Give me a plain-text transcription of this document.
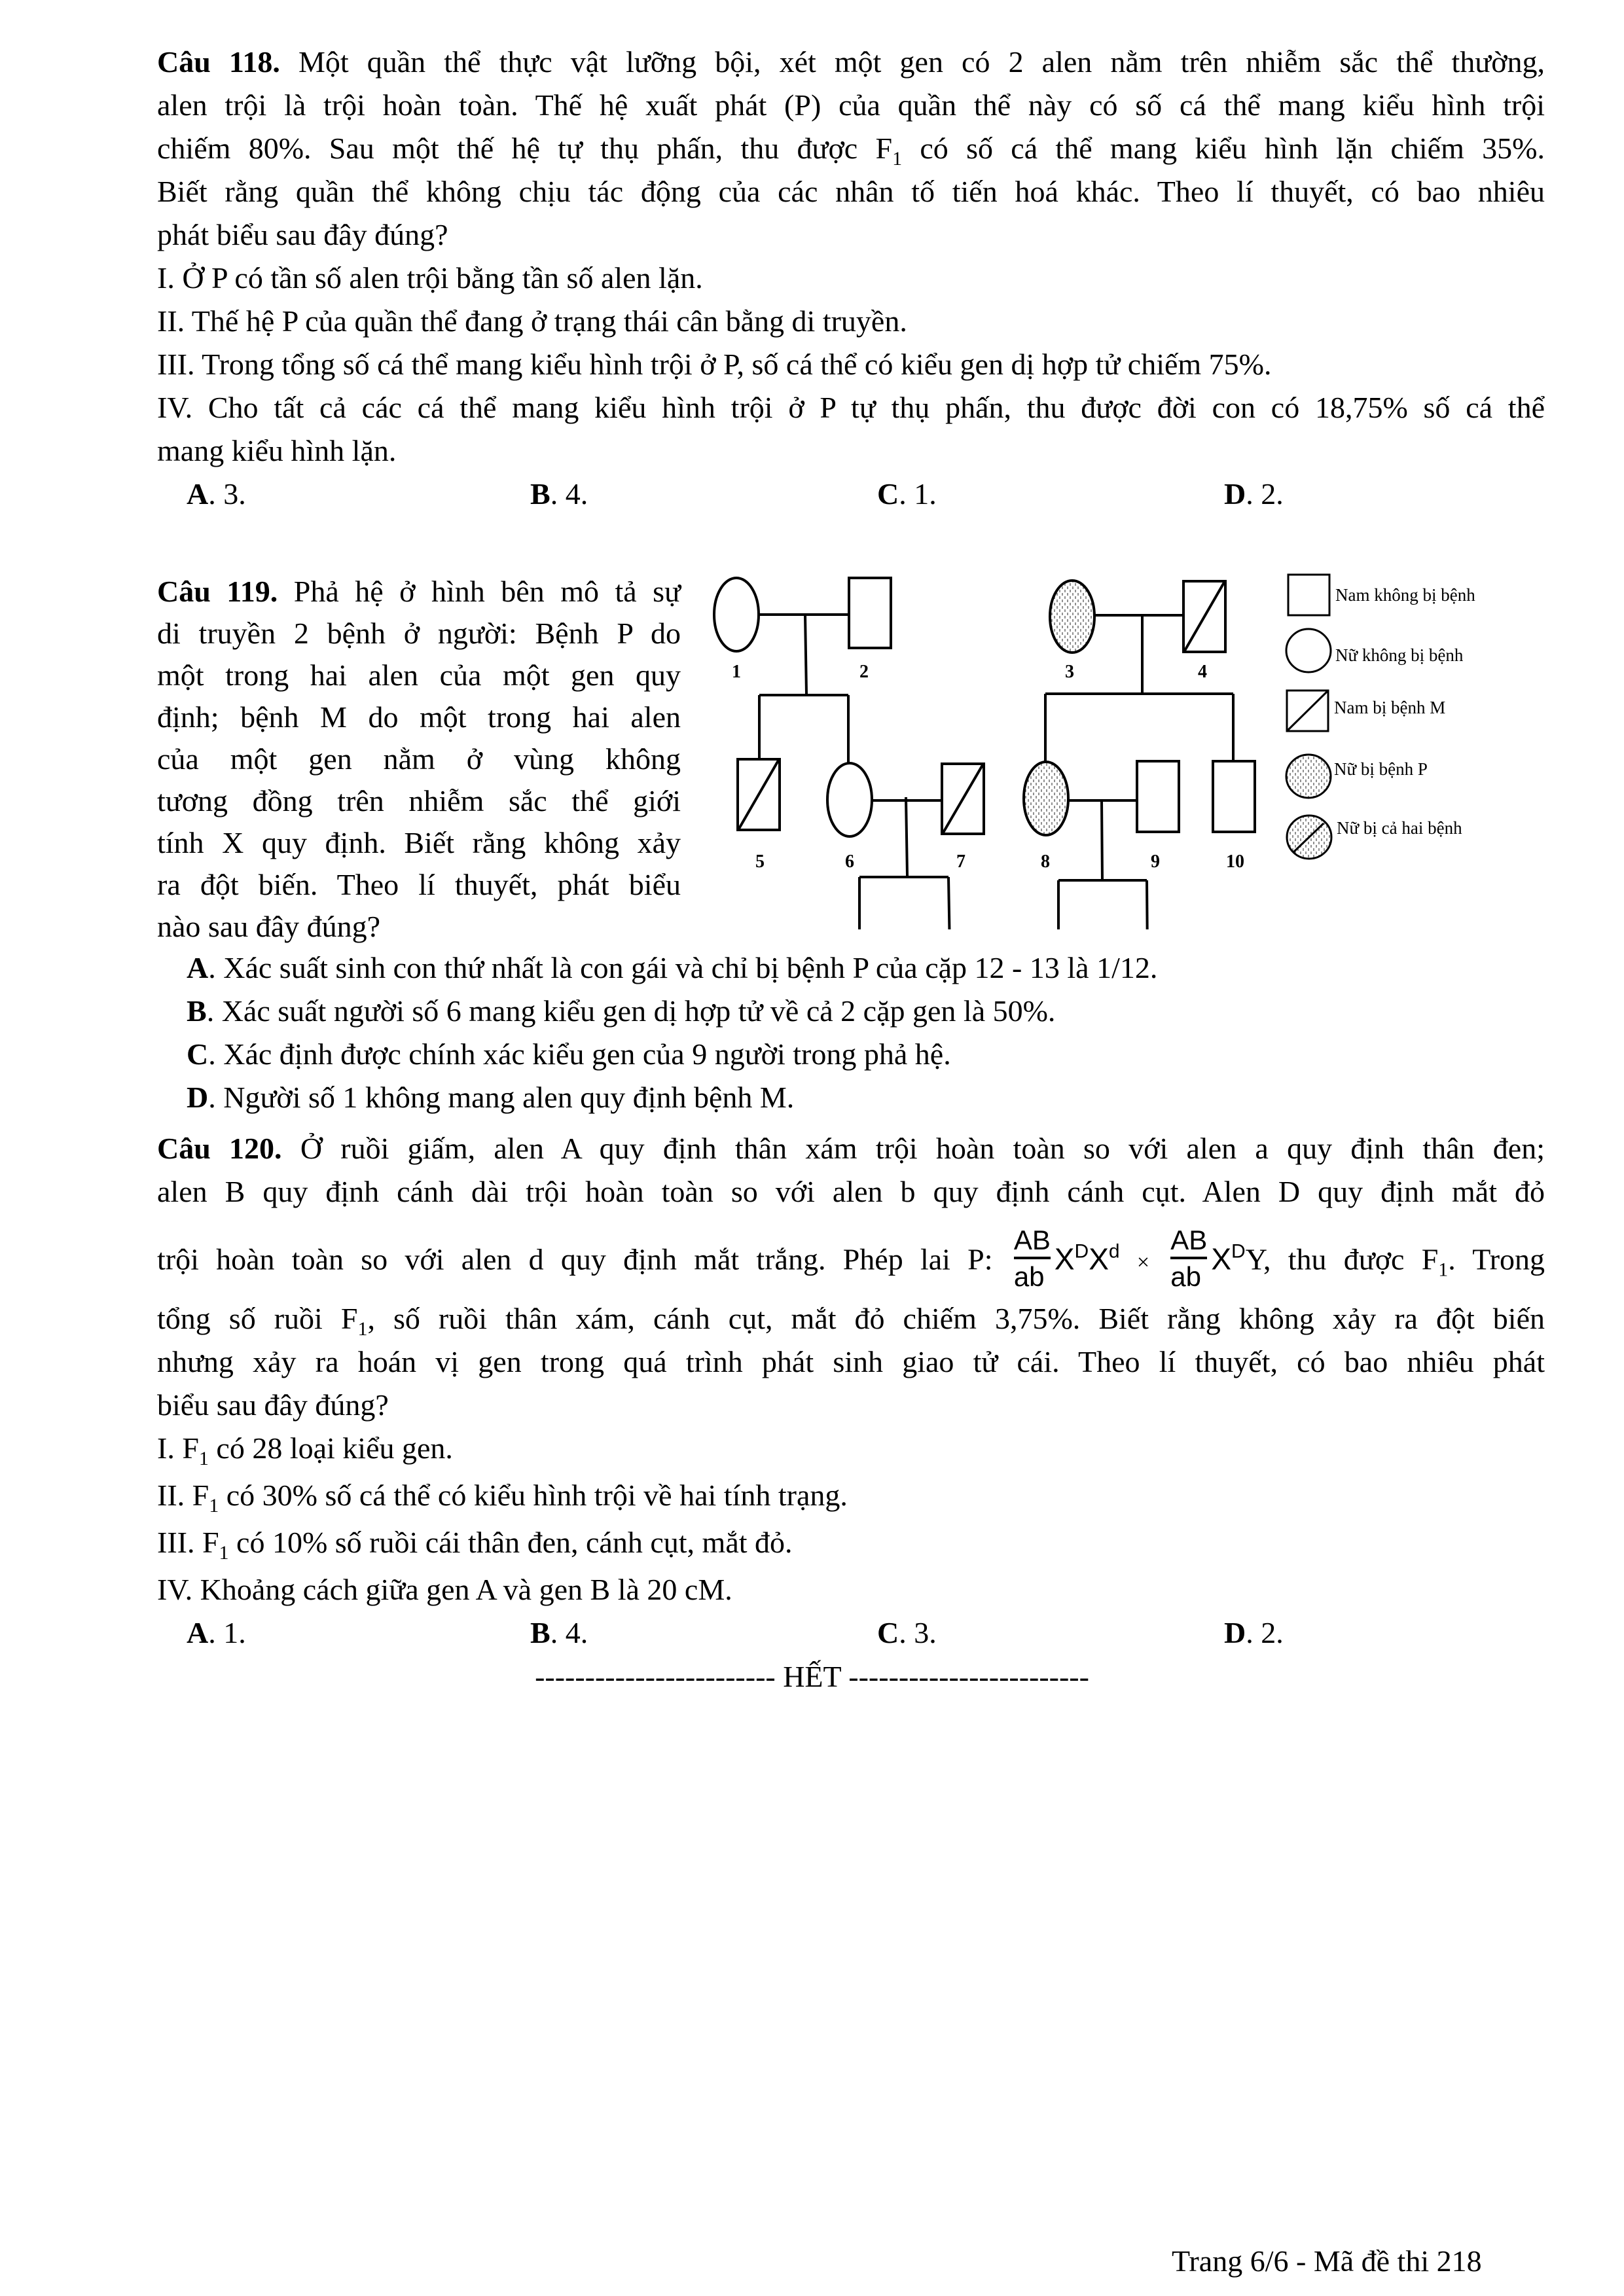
Câu 118. Một quần thể thực vật lưỡng bội, xét một gen có 2 alen nằm trên nhiễm sắc thể thường,
alen trội là trội hoàn toàn. Thế hệ xuất phát (P) của quần thể này có số cá thể mang kiểu hình trội
chiếm 80%. Sau một thế hệ tự thụ phấn, thu được $F_1$ có số cá thể mang kiểu hình lặn chiếm 35%.
Biết rằng quần thể không chịu tác động của các nhân tố tiến hoá khác. Theo lí thuyết, có bao nhiêu
phát biểu sau đây đúng?
I. Ở P có tần số alen trội bằng tần số alen lặn.
II. Thế hệ P của quần thể đang ở trạng thái cân bằng di truyền.
III. Trong tổng số cá thể mang kiểu hình trội ở P, số cá thể có kiểu gen dị hợp tử chiếm 75%.
IV. Cho tất cả các cá thể mang kiểu hình trội ở P tự thụ phấn, thu được đời con có 18,75% số cá thể
mang kiểu hình lặn.
A. 3.	B. 4.	C. 1.	D. 2.
Câu 119. Phả hệ ở hình bên mô tả sự
di truyền 2 bệnh ở người: Bệnh P do
một trong hai alen của một gen quy
định; bệnh M do một trong hai alen
của một gen nằm ở vùng không
tương đồng trên nhiễm sắc thể giới
tính X quy định. Biết rằng không xảy
ra đột biến. Theo lí thuyết, phát biểu
nào sau đây đúng?
1	2	3	4
5	6	7	8	9	10
Nam không bị bệnh
Nữ không bị bệnh
Nam bị bệnh M
Nữ bị bệnh P
Nữ bị cả hai bệnh
A. Xác suất sinh con thứ nhất là con gái và chỉ bị bệnh P của cặp 12 - 13 là 1/12.
B. Xác suất người số 6 mang kiểu gen dị hợp tử về cả 2 cặp gen là 50%.
C. Xác định được chính xác kiểu gen của 9 người trong phả hệ.
D. Người số 1 không mang alen quy định bệnh M.
Câu 120. Ở ruồi giấm, alen A quy định thân xám trội hoàn toàn so với alen a quy định thân đen;
alen B quy định cánh dài trội hoàn toàn so với alen b quy định cánh cụt. Alen D quy định mắt đỏ
trội hoàn toàn so với alen d quy định mắt trắng. Phép lai P: $\frac{AB}{ab} X^DX^d \times \frac{AB}{ab} X^DY$, thu được $F_1$. Trong
tổng số ruồi $F_1$, số ruồi thân xám, cánh cụt, mắt đỏ chiếm 3,75%. Biết rằng không xảy ra đột biến
nhưng xảy ra hoán vị gen trong quá trình phát sinh giao tử cái. Theo lí thuyết, có bao nhiêu phát
biểu sau đây đúng?
I. $F_1$ có 28 loại kiểu gen.
II. $F_1$ có 30% số cá thể có kiểu hình trội về hai tính trạng.
III. $F_1$ có 10% số ruồi cái thân đen, cánh cụt, mắt đỏ.
IV. Khoảng cách giữa gen A và gen B là 20 cM.
A. 1.	B. 4.	C. 3.	D. 2.
------------------------ HẾT ------------------------
Trang 6/6 - Mã đề thi 218
